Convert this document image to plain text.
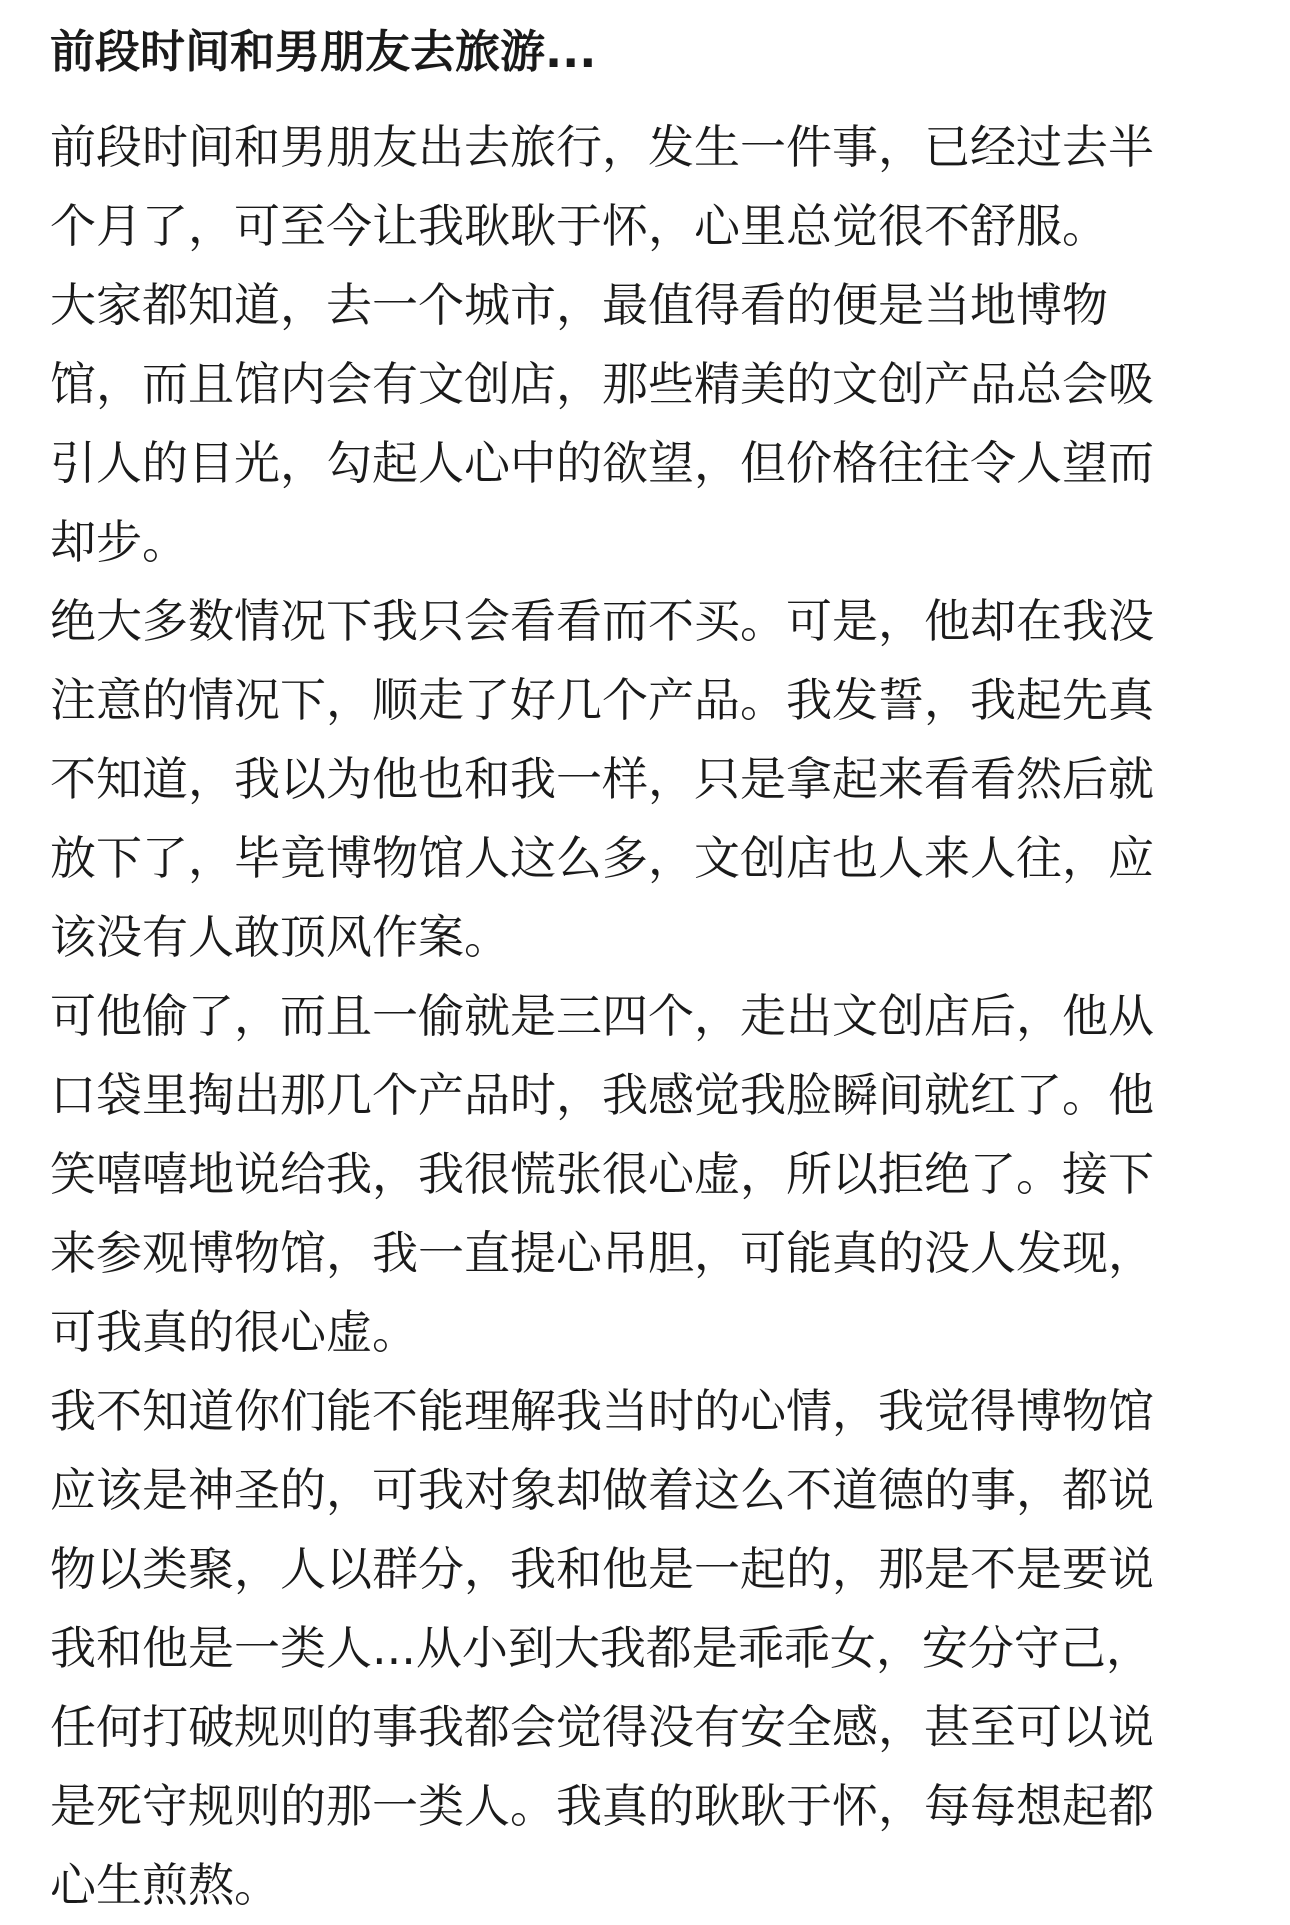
前段时间和男朋友去旅游...

前段时间和男朋友出去旅行，发生一件事，已经过去半
个月了，可至今让我耿耿于怀，心里总觉很不舒服。

大家都知道，去一个城市，最值得看的便是当地博物
馆，而且馆内会有文创店，那些精美的文创产品总会吸
引人的目光，勾起人心中的欲望，但价格往往令人望而
却步。

绝大多数情况下我只会看看而不买。可是，他却在我没
注意的情况下，顺走了好几个产品。我发誓，我起先真
不知道，我以为他也和我一样，只是拿起来看看然后就
放下了，毕竟博物馆人这么多，文创店也人来人往，应
该没有人敢顶风作案。

可他偷了，而且一偷就是三四个，走出文创店后，他从
口袋里掏出那几个产品时，我感觉我脸瞬间就红了。他
笑嘻嘻地说给我，我很慌张很心虚，所以拒绝了。接下
来参观博物馆，我一直提心吊胆，可能真的没人发现，
可我真的很心虚。

我不知道你们能不能理解我当时的心情，我觉得博物馆
应该是神圣的，可我对象却做着这么不道德的事，都说
物以类聚，人以群分，我和他是一起的，那是不是要说
我和他是一类人...从小到大我都是乖乖女，安分守己，
任何打破规则的事我都会觉得没有安全感，甚至可以说
是死守规则的那一类人。我真的耿耿于怀，每每想起都
心生煎熬。
